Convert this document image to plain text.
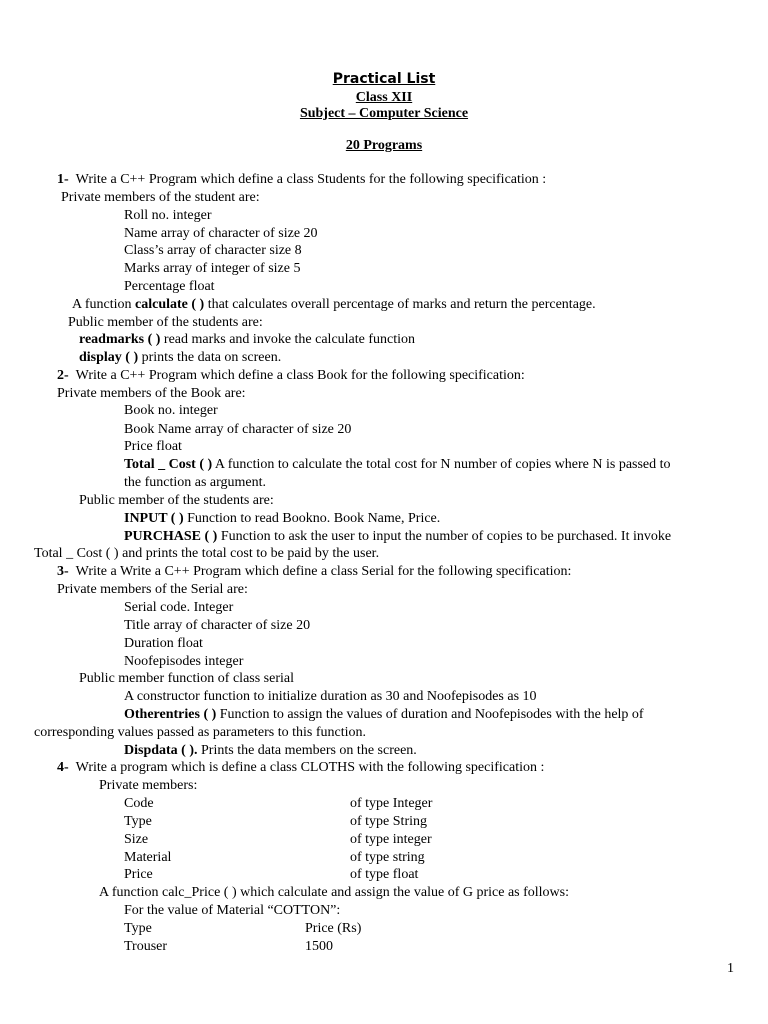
Practical List
Class XII
Subject – Computer Science
20 Programs
1- Write a C++ Program which define a class Students for the following specification :
Private members of the student are:
Roll no. integer
Name array of character of size 20
Class’s array of character size 8
Marks array of integer of size 5
Percentage float
A function calculate ( ) that calculates overall percentage of marks and return the percentage.
Public member of the students are:
readmarks ( ) read marks and invoke the calculate function
display ( ) prints the data on screen.
2- Write a C++ Program which define a class Book for the following specification:
Private members of the Book are:
Book no. integer
Book Name array of character of size 20
Price float
Total _ Cost ( ) A function to calculate the total cost for N number of copies where N is passed to
the function as argument.
Public member of the students are:
INPUT ( ) Function to read Bookno. Book Name, Price.
PURCHASE ( ) Function to ask the user to input the number of copies to be purchased. It invoke
Total _ Cost ( ) and prints the total cost to be paid by the user.
3- Write a Write a C++ Program which define a class Serial for the following specification:
Private members of the Serial are:
Serial code. Integer
Title array of character of size 20
Duration float
Noofepisodes integer
Public member function of class serial
A constructor function to initialize duration as 30 and Noofepisodes as 10
Otherentries ( ) Function to assign the values of duration and Noofepisodes with the help of
corresponding values passed as parameters to this function.
Dispdata ( ). Prints the data members on the screen.
4- Write a program which is define a class CLOTHS with the following specification :
Private members:
Code	of type Integer
Type	of type String
Size	of type integer
Material	of type string
Price	of type float
A function calc_Price ( ) which calculate and assign the value of G price as follows:
For the value of Material “COTTON”:
Type	Price (Rs)
Trouser	1500
1
